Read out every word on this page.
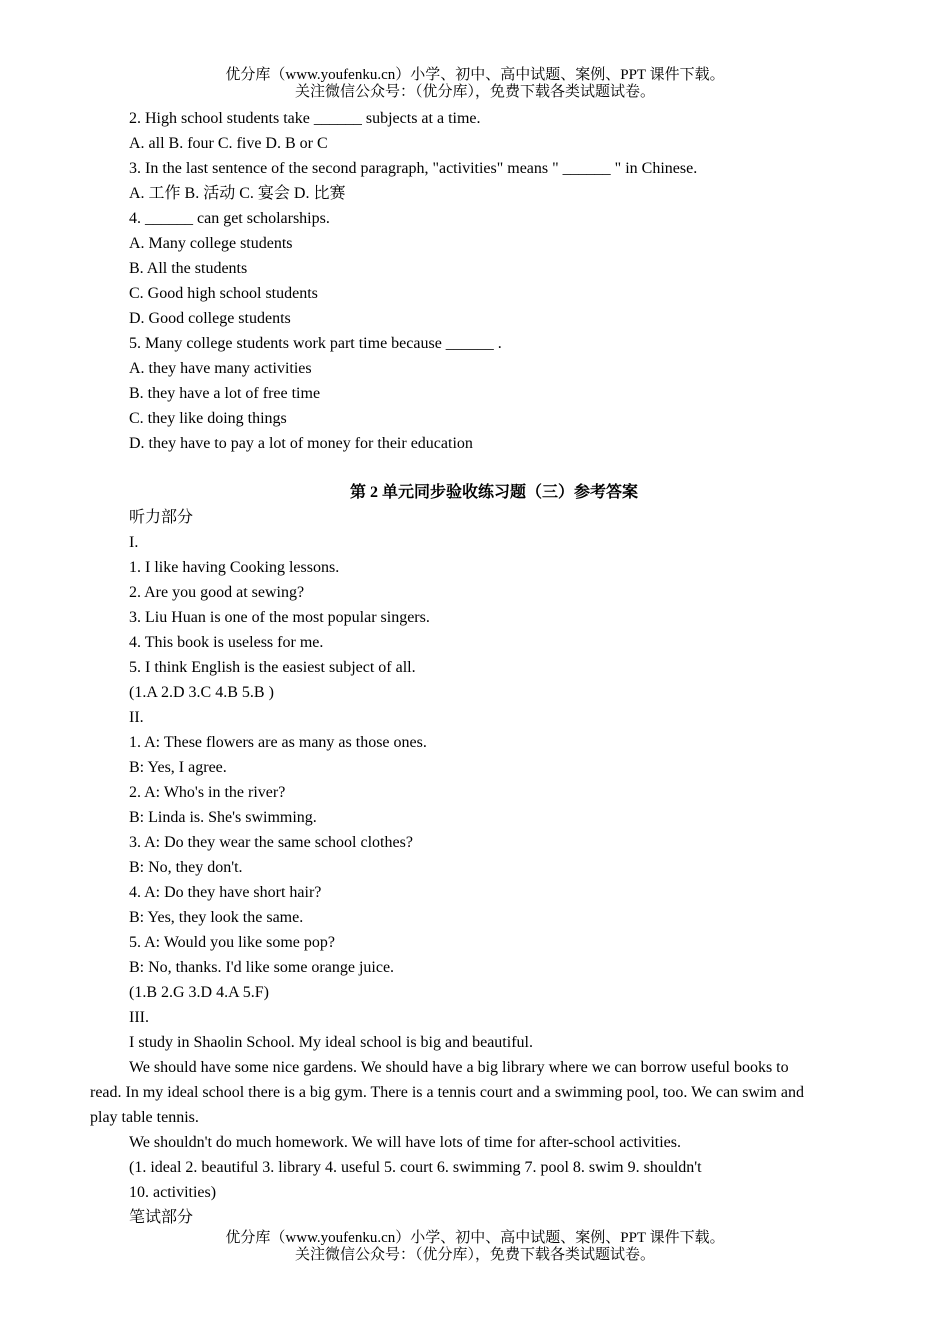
优分库（www.youfenku.cn）小学、初中、高中试题、案例、PPT 课件下载。
关注微信公众号：（优分库），免费下载各类试题试卷。
2. High school students take ______ subjects at a time.
A. all B. four C. five D. B or C
3. In the last sentence of the second paragraph, "activities" means " ______ " in Chinese.
A. 工作 B. 活动 C. 宴会 D. 比赛
4. ______ can get scholarships.
A. Many college students
B. All the students
C. Good high school students
D. Good college students
5. Many college students work part time because ______ .
A. they have many activities
B. they have a lot of free time
C. they like doing things
D. they have to pay a lot of money for their education
第 2 单元同步验收练习题（三）参考答案
听力部分
I.
1. I like having Cooking lessons.
2. Are you good at sewing?
3. Liu Huan is one of the most popular singers.
4. This book is useless for me.
5. I think English is the easiest subject of all.
(1.A 2.D 3.C 4.B 5.B )
II.
1. A: These flowers are as many as those ones.
B: Yes, I agree.
2. A: Who's in the river?
B: Linda is. She's swimming.
3. A: Do they wear the same school clothes?
B: No, they don't.
4. A: Do they have short hair?
B: Yes, they look the same.
5. A: Would you like some pop?
B: No, thanks. I'd like some orange juice.
(1.B 2.G 3.D 4.A 5.F)
III.
I study in Shaolin School. My ideal school is big and beautiful.
We should have some nice gardens. We should have a big library where we can borrow useful books to
read. In my ideal school there is a big gym. There is a tennis court and a swimming pool, too. We can swim and
play table tennis.
We shouldn't do much homework. We will have lots of time for after-school activities.
(1. ideal 2. beautiful 3. library 4. useful 5. court 6. swimming 7. pool 8. swim 9. shouldn't
10. activities)
笔试部分
优分库（www.youfenku.cn）小学、初中、高中试题、案例、PPT 课件下载。
关注微信公众号：（优分库），免费下载各类试题试卷。
